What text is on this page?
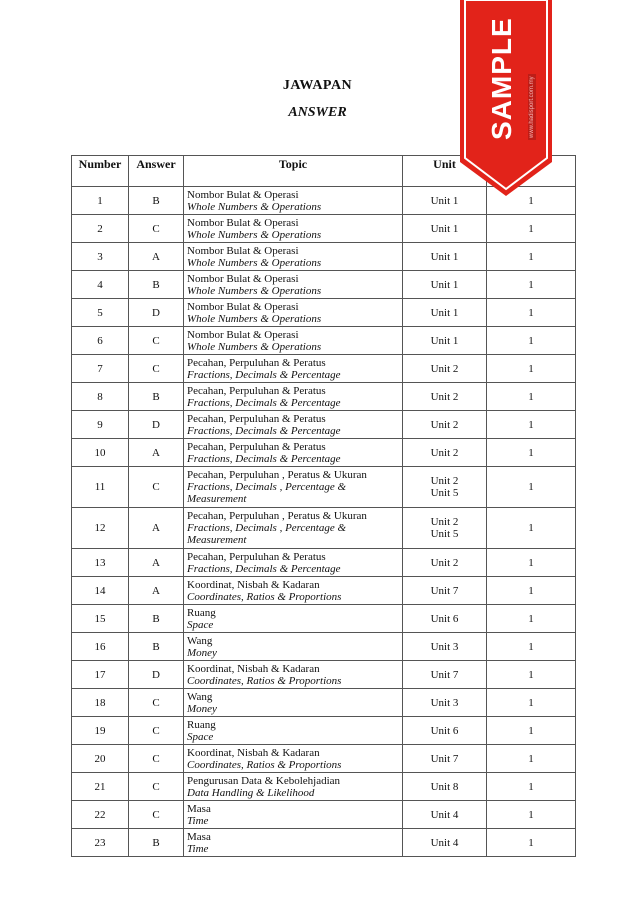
JAWAPAN
ANSWER
Number	Answer	Topic	Unit	
1	B	Nombor Bulat & Operasi
Whole Numbers & Operations	Unit 1	1
2	C	Nombor Bulat & Operasi
Whole Numbers & Operations	Unit 1	1
3	A	Nombor Bulat & Operasi
Whole Numbers & Operations	Unit 1	1
4	B	Nombor Bulat & Operasi
Whole Numbers & Operations	Unit 1	1
5	D	Nombor Bulat & Operasi
Whole Numbers & Operations	Unit 1	1
6	C	Nombor Bulat & Operasi
Whole Numbers & Operations	Unit 1	1
7	C	Pecahan, Perpuluhan & Peratus
Fractions, Decimals & Percentage	Unit 2	1
8	B	Pecahan, Perpuluhan & Peratus
Fractions, Decimals & Percentage	Unit 2	1
9	D	Pecahan, Perpuluhan & Peratus
Fractions, Decimals & Percentage	Unit 2	1
10	A	Pecahan, Perpuluhan & Peratus
Fractions, Decimals & Percentage	Unit 2	1
11	C	Pecahan, Perpuluhan , Peratus & Ukuran
Fractions, Decimals , Percentage & Measurement	Unit 2
Unit 5	1
12	A	Pecahan, Perpuluhan , Peratus & Ukuran
Fractions, Decimals , Percentage & Measurement	Unit 2
Unit 5	1
13	A	Pecahan, Perpuluhan & Peratus
Fractions, Decimals & Percentage	Unit 2	1
14	A	Koordinat, Nisbah & Kadaran
Coordinates, Ratios & Proportions	Unit 7	1
15	B	Ruang
Space	Unit 6	1
16	B	Wang
Money	Unit 3	1
17	D	Koordinat, Nisbah & Kadaran
Coordinates, Ratios & Proportions	Unit 7	1
18	C	Wang
Money	Unit 3	1
19	C	Ruang
Space	Unit 6	1
20	C	Koordinat, Nisbah & Kadaran
Coordinates, Ratios & Proportions	Unit 7	1
21	C	Pengurusan Data & Kebolehjadian
Data Handling & Likelihood	Unit 8	1
22	C	Masa
Time	Unit 4	1
23	B	Masa
Time	Unit 4	1
SAMPLE www.hadisport.com.my
